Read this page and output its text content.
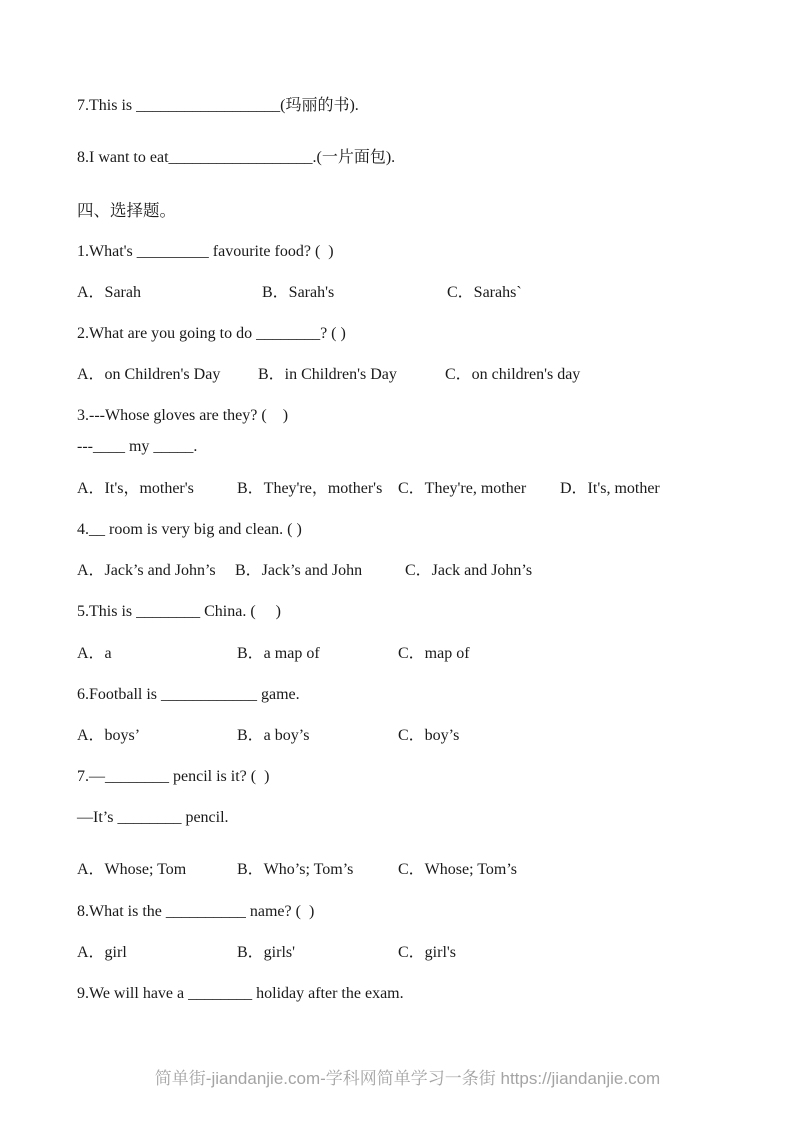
7.This is __________________(玛丽的书).
8.I want to eat__________________.(一片面包).
四、选择题。
1.What's _________ favourite food? (  )
A．Sarah	B．Sarah's	C．Sarahs`
2.What are you going to do ________? ( )
A．on Children's Day B．in Children's Day	C．on children's day
3.---Whose gloves are they? (    )
---____ my _____.
A．It's，mother's	B．They're，mother's C．They're, mother D．It's, mother
4.__ room is very big and clean. ( )
A．Jack’s and John’s B．Jack’s and John	C．Jack and John’s
5.This is ________ China. (     )
A．a	B．a map of	C．map of
6.Football is ____________ game.
A．boys’	B．a boy’s	C．boy’s
7.—________ pencil is it? (  )
—It’s ________ pencil.
A．Whose; Tom	B．Who’s; Tom’s	C．Whose; Tom’s
8.What is the __________ name? (  )
A．girl	B．girls'	C．girl's
9.We will have a ________ holiday after the exam.
简单街-jiandanjie.com-学科网简单学习一条街 https://jiandanjie.com
